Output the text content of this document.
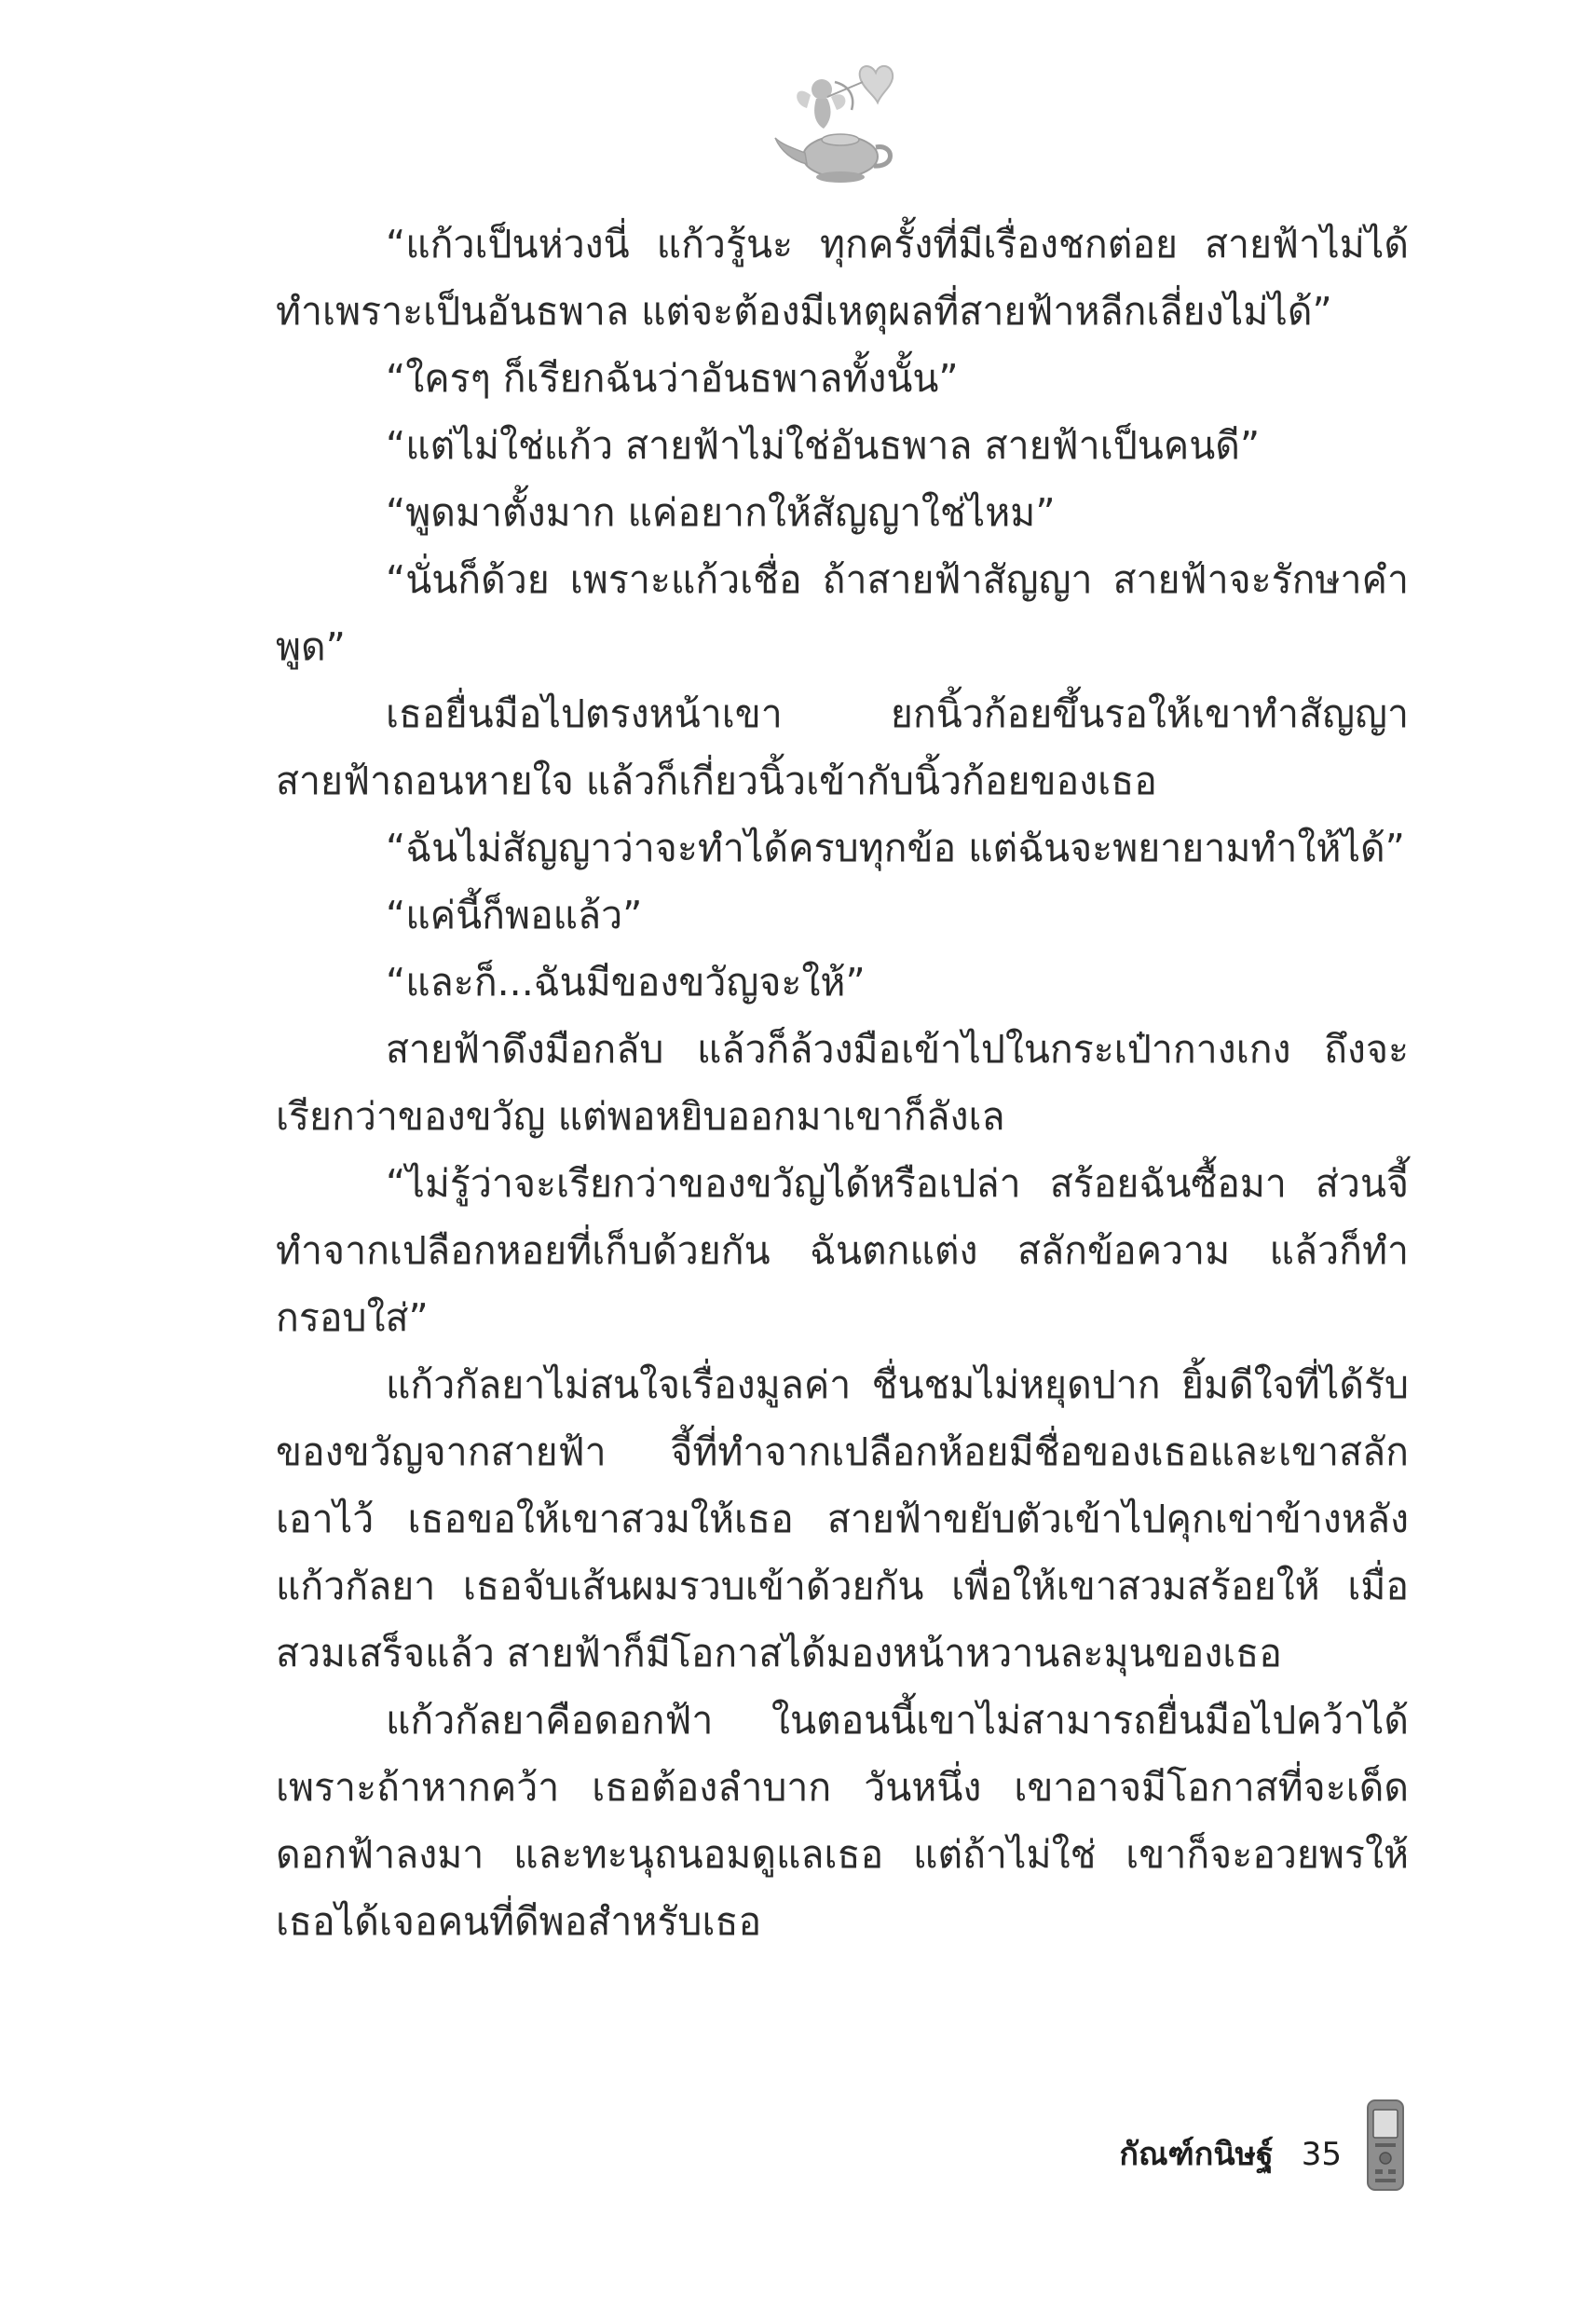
“แก้วเป็นห่วงนี่ แก้วรู้นะ ทุกครั้งที่มีเรื่องชกต่อย สายฟ้าไม่ได้ทำเพราะเป็นอันธพาล แต่จะต้องมีเหตุผลที่สายฟ้าหลีกเลี่ยงไม่ได้”

“ใครๆ ก็เรียกฉันว่าอันธพาลทั้งนั้น”

“แต่ไม่ใช่แก้ว สายฟ้าไม่ใช่อันธพาล สายฟ้าเป็นคนดี”

“พูดมาตั้งมาก แค่อยากให้สัญญาใช่ไหม”

“นั่นก็ด้วย เพราะแก้วเชื่อ ถ้าสายฟ้าสัญญา สายฟ้าจะรักษาคำพูด”

เธอยื่นมือไปตรงหน้าเขา ยกนิ้วก้อยขึ้นรอให้เขาทำสัญญา สายฟ้าถอนหายใจ แล้วก็เกี่ยวนิ้วเข้ากับนิ้วก้อยของเธอ

“ฉันไม่สัญญาว่าจะทำได้ครบทุกข้อ แต่ฉันจะพยายามทำให้ได้”

“แค่นี้ก็พอแล้ว”

“และก็...ฉันมีของขวัญจะให้”

สายฟ้าดึงมือกลับ แล้วก็ล้วงมือเข้าไปในกระเป๋ากางเกง ถึงจะเรียกว่าของขวัญ แต่พอหยิบออกมาเขาก็ลังเล

“ไม่รู้ว่าจะเรียกว่าของขวัญได้หรือเปล่า สร้อยฉันซื้อมา ส่วนจี้ทำจากเปลือกหอยที่เก็บด้วยกัน ฉันตกแต่ง สลักข้อความ แล้วก็ทำกรอบใส่”

แก้วกัลยาไม่สนใจเรื่องมูลค่า ชื่นชมไม่หยุดปาก ยิ้มดีใจที่ได้รับของขวัญจากสายฟ้า จี้ที่ทำจากเปลือกห้อยมีชื่อของเธอและเขาสลักเอาไว้ เธอขอให้เขาสวมให้เธอ สายฟ้าขยับตัวเข้าไปคุกเข่าข้างหลังแก้วกัลยา เธอจับเส้นผมรวบเข้าด้วยกัน เพื่อให้เขาสวมสร้อยให้ เมื่อสวมเสร็จแล้ว สายฟ้าก็มีโอกาสได้มองหน้าหวานละมุนของเธอ

แก้วกัลยาคือดอกฟ้า ในตอนนี้เขาไม่สามารถยื่นมือไปคว้าได้ เพราะถ้าหากคว้า เธอต้องลำบาก วันหนึ่ง เขาอาจมีโอกาสที่จะเด็ดดอกฟ้าลงมา และทะนุถนอมดูแลเธอ แต่ถ้าไม่ใช่ เขาก็จะอวยพรให้เธอได้เจอคนที่ดีพอสำหรับเธอ

กัณฑ์กนิษฐ์ 35
